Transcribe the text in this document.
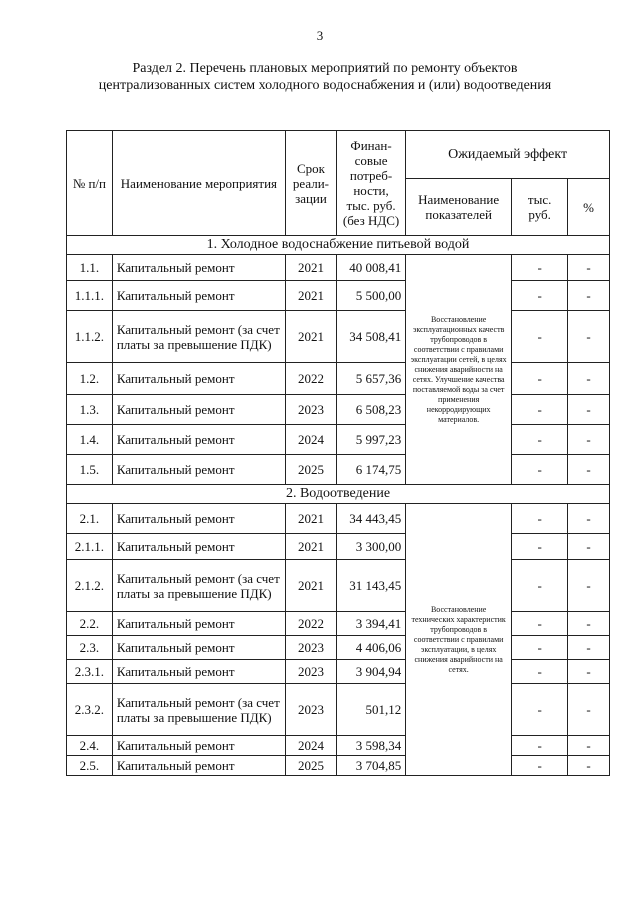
3
Раздел 2. Перечень плановых мероприятий по ремонту объектов централизованных систем холодного водоснабжения и (или) водоотведения
№ п/п	Наименование мероприятия	Срок реали-зации	Финан-совые потреб-ности, тыс. руб. (без НДС)	Ожидаемый эффект		
				Наименование показателей	тыс. руб.	%
1. Холодное водоснабжение питьевой водой						
1.1.	Капитальный ремонт	2021	40 008,41	Восстановление эксплуатационных качеств трубопроводов в соответствии с правилами эксплуатации сетей, в целях снижения аварийности на сетях. Улучшение качества поставляемой воды за счет применения некорродирующих материалов.	-	-
1.1.1.	Капитальный ремонт	2021	5 500,00		-	-
1.1.2.	Капитальный ремонт (за счет платы за превышение ПДК)	2021	34 508,41		-	-
1.2.	Капитальный ремонт	2022	5 657,36		-	-
1.3.	Капитальный ремонт	2023	6 508,23		-	-
1.4.	Капитальный ремонт	2024	5 997,23		-	-
1.5.	Капитальный ремонт	2025	6 174,75		-	-
2. Водоотведение						
2.1.	Капитальный ремонт	2021	34 443,45	Восстановление технических характеристик трубопроводов в соответствии с правилами эксплуатации, в целях снижения аварийности на сетях.	-	-
2.1.1.	Капитальный ремонт	2021	3 300,00		-	-
2.1.2.	Капитальный ремонт (за счет платы за превышение ПДК)	2021	31 143,45		-	-
2.2.	Капитальный ремонт	2022	3 394,41		-	-
2.3.	Капитальный ремонт	2023	4 406,06		-	-
2.3.1.	Капитальный ремонт	2023	3 904,94		-	-
2.3.2.	Капитальный ремонт (за счет платы за превышение ПДК)	2023	501,12		-	-
2.4.	Капитальный ремонт	2024	3 598,34		-	-
2.5.	Капитальный ремонт	2025	3 704,85		-	-
